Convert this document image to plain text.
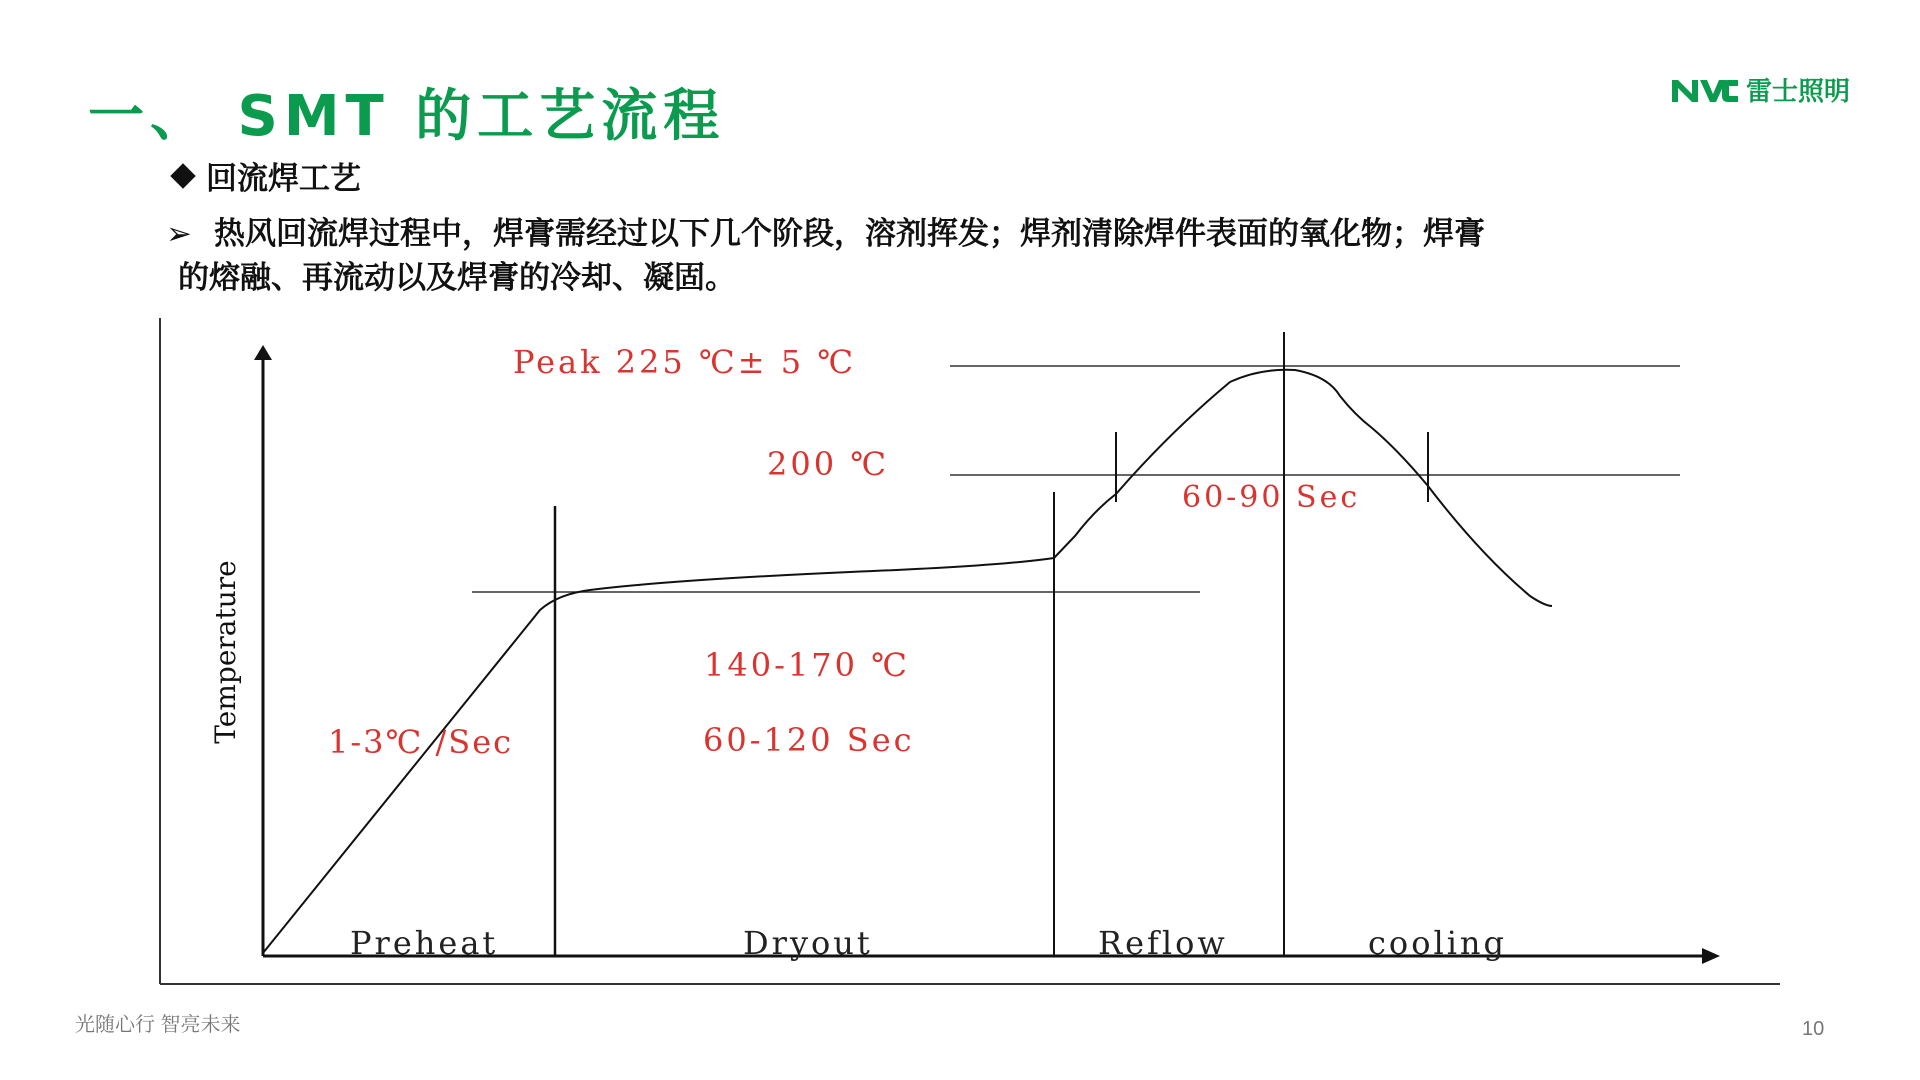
一、 SMT 的工艺流程	雷士照明
回流焊工艺
➢ 热风回流焊过程中，焊膏需经过以下几个阶段，溶剂挥发；焊剂清除焊件表面的氧化物；焊膏
的熔融、再流动以及焊膏的冷却、凝固。
Temperature
Peak 225 ℃± 5 ℃
200 ℃
60-90 Sec
140-170 ℃
60-120 Sec
1-3℃ /Sec
Preheat	Dryout	Reflow	cooling
光随心行 智亮未来	10
